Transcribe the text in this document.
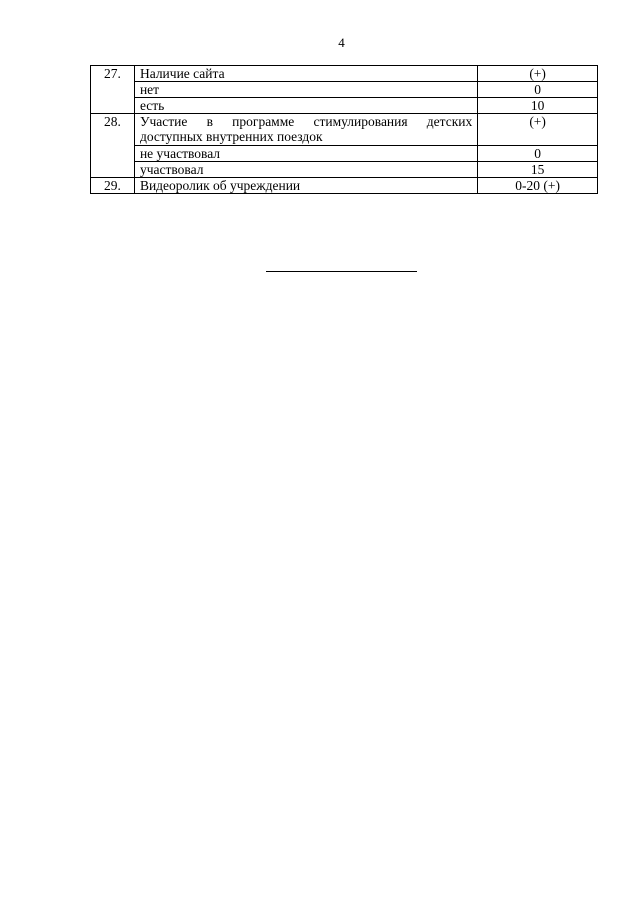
4
27.	Наличие сайта	(+)
	нет	0
	есть	10
28.	Участие в программе стимулирования детских доступных внутренних поездок	(+)
	не участвовал	0
	участвовал	15
29.	Видеоролик об учреждении	0-20 (+)
